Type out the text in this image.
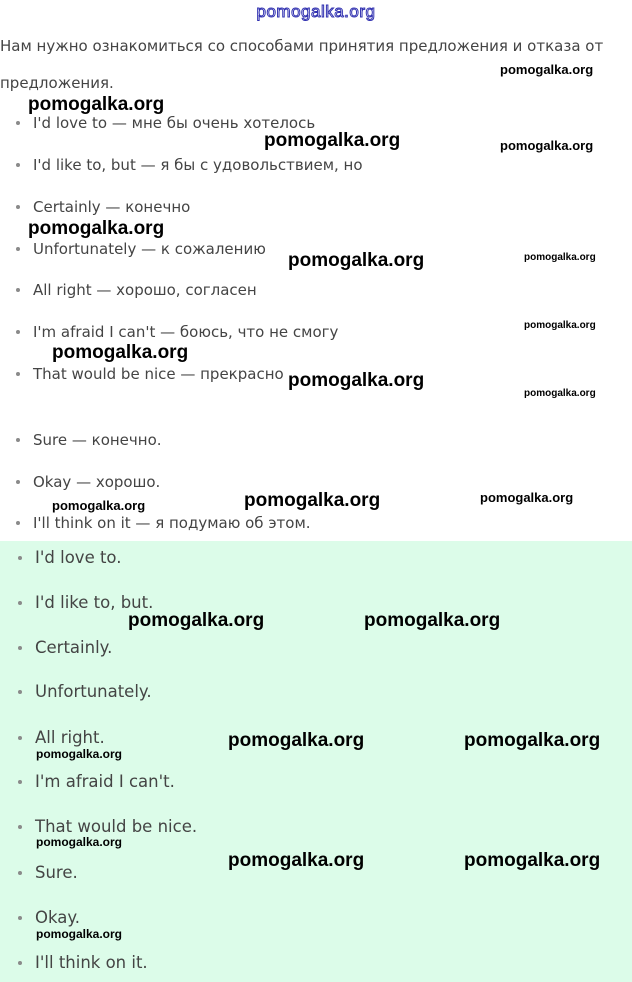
pomogalka.org
Нам нужно ознакомиться со способами принятия предложения и отказа от предложения.
I'd love to — мне бы очень хотелось
I'd like to, but — я бы с удовольствием, но
Certainly — конечно
Unfortunately — к сожалению
All right — хорошо, согласен
I'm afraid I can't — боюсь, что не смогу
That would be nice — прекрасно
Sure — конечно.
Okay — хорошо.
I'll think on it — я подумаю об этом.
I'd love to.
I'd like to, but.
Certainly.
Unfortunately.
All right.
I'm afraid I can't.
That would be nice.
Sure.
Okay.
I'll think on it.
pomogalka.org
pomogalka.org
pomogalka.org
pomogalka.org
pomogalka.org
pomogalka.org
pomogalka.org
pomogalka.org	pomogalka.org
pomogalka.org	pomogalka.org
pomogalka.org	pomogalka.org
pomogalka.org
pomogalka.org
pomogalka.org
pomogalka.org
pomogalka.org
pomogalka.org
pomogalka.org
pomogalka.org
pomogalka.org
pomogalka.org
